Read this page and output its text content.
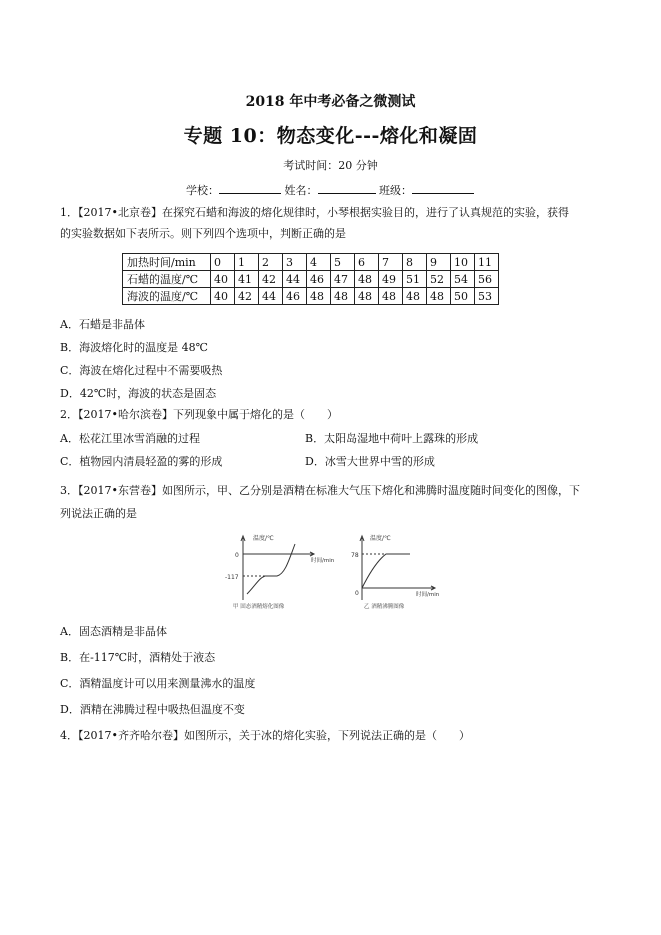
2018 年中考必备之微测试
专题 10：物态变化---熔化和凝固
考试时间：20 分钟
学校：	姓名：	班级：
1．【2017•北京卷】在探究石蜡和海波的熔化规律时，小琴根据实验目的，进行了认真规范的实验，获得
的实验数据如下表所示。则下列四个选项中，判断正确的是
加热时间/min	0	1	2	3	4	5	6	7	8	9	10	11
石蜡的温度/℃	40	41	42	44	46	47	48	49	51	52	54	56
海波的温度/℃	40	42	44	46	48	48	48	48	48	48	50	53
A．石蜡是非晶体
B．海波熔化时的温度是 48℃
C．海波在熔化过程中不需要吸热
D．42℃时，海波的状态是固态
2．【2017•哈尔滨卷】下列现象中属于熔化的是（　　）
A．松花江里冰雪消融的过程	B．太阳岛湿地中荷叶上露珠的形成
C．植物园内清晨轻盈的雾的形成	D．冰雪大世界中雪的形成
3．【2017•东营卷】如图所示，甲、乙分别是酒精在标准大气压下熔化和沸腾时温度随时间变化的图像，下
列说法正确的是
温度/℃
时间/min
0
-117
甲 固态酒精熔化图像
温度/℃
时间/min
0
78
乙 酒精沸腾图像
A．固态酒精是非晶体
B．在-117℃时，酒精处于液态
C．酒精温度计可以用来测量沸水的温度
D．酒精在沸腾过程中吸热但温度不变
4．【2017•齐齐哈尔卷】如图所示，关于冰的熔化实验，下列说法正确的是（　　）
